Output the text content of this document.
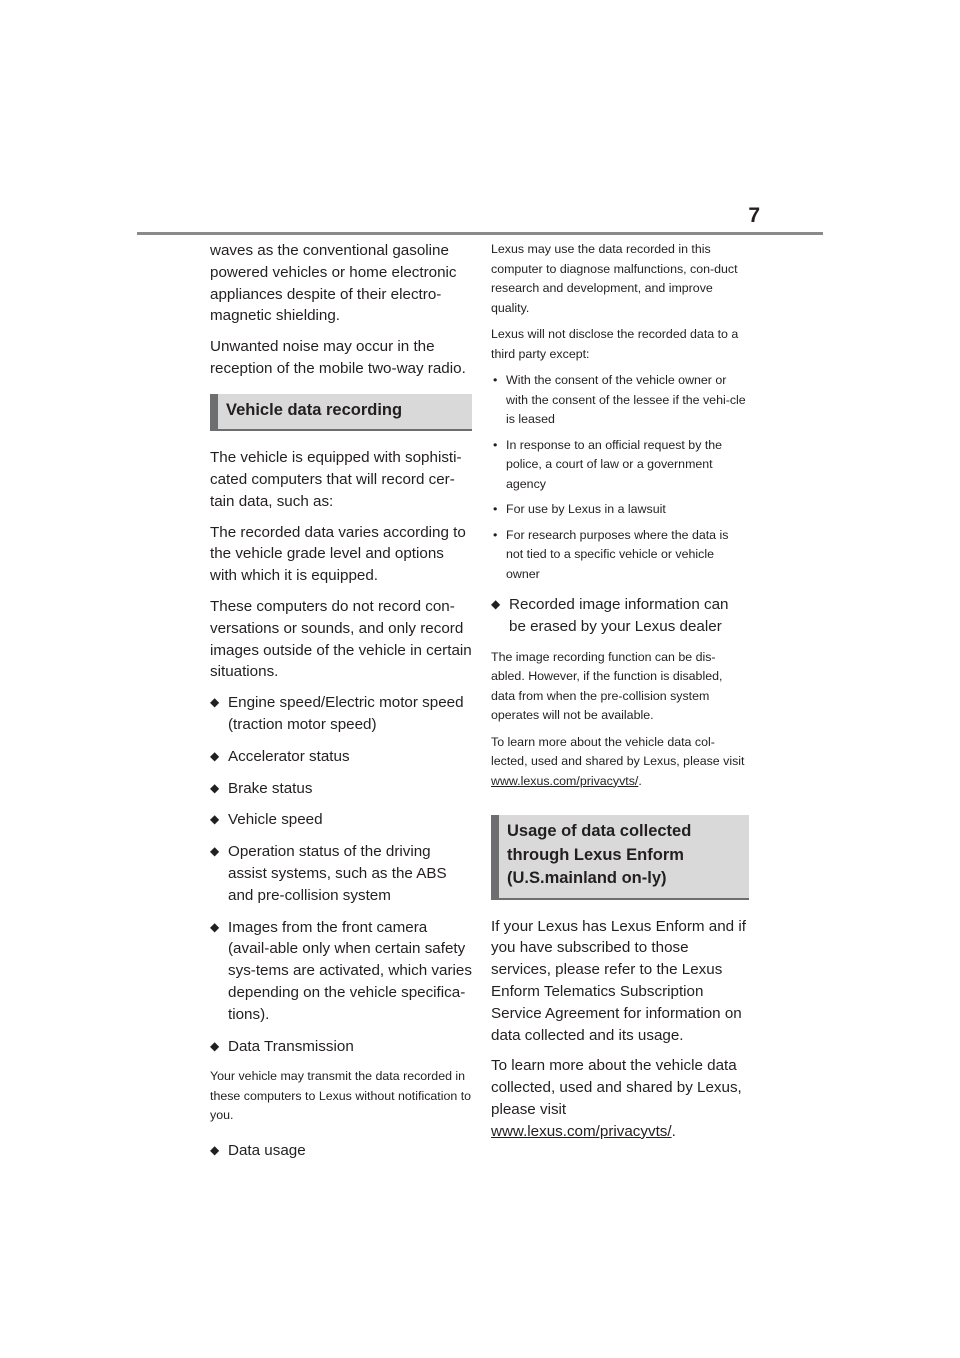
7

waves as the conventional gasoline powered vehicles or home electronic appliances despite of their electro-magnetic shielding.

Unwanted noise may occur in the reception of the mobile two-way radio.

Vehicle data recording

The vehicle is equipped with sophisti-cated computers that will record cer-tain data, such as:

The recorded data varies according to the vehicle grade level and options with which it is equipped.

These computers do not record con-versations or sounds, and only record images outside of the vehicle in certain situations.

◆ Engine speed/Electric motor speed (traction motor speed)
◆ Accelerator status
◆ Brake status
◆ Vehicle speed
◆ Operation status of the driving assist systems, such as the ABS and pre-collision system
◆ Images from the front camera (avail-able only when certain safety sys-tems are activated, which varies depending on the vehicle specifica-tions).
◆ Data Transmission

Your vehicle may transmit the data recorded in these computers to Lexus without notification to you.

◆ Data usage

Lexus may use the data recorded in this computer to diagnose malfunctions, con-duct research and development, and improve quality.

Lexus will not disclose the recorded data to a third party except:

• With the consent of the vehicle owner or with the consent of the lessee if the vehi-cle is leased
• In response to an official request by the police, a court of law or a government agency
• For use by Lexus in a lawsuit
• For research purposes where the data is not tied to a specific vehicle or vehicle owner
◆ Recorded image information can be erased by your Lexus dealer

The image recording function can be dis-abled. However, if the function is disabled, data from when the pre-collision system operates will not be available.

To learn more about the vehicle data col-lected, used and shared by Lexus, please visit www.lexus.com/privacyvts/.

Usage of data collected through Lexus Enform (U.S.mainland on-ly)

If your Lexus has Lexus Enform and if you have subscribed to those services, please refer to the Lexus Enform Telematics Subscription Service Agreement for information on data collected and its usage.

To learn more about the vehicle data collected, used and shared by Lexus, please visit
www.lexus.com/privacyvts/.
